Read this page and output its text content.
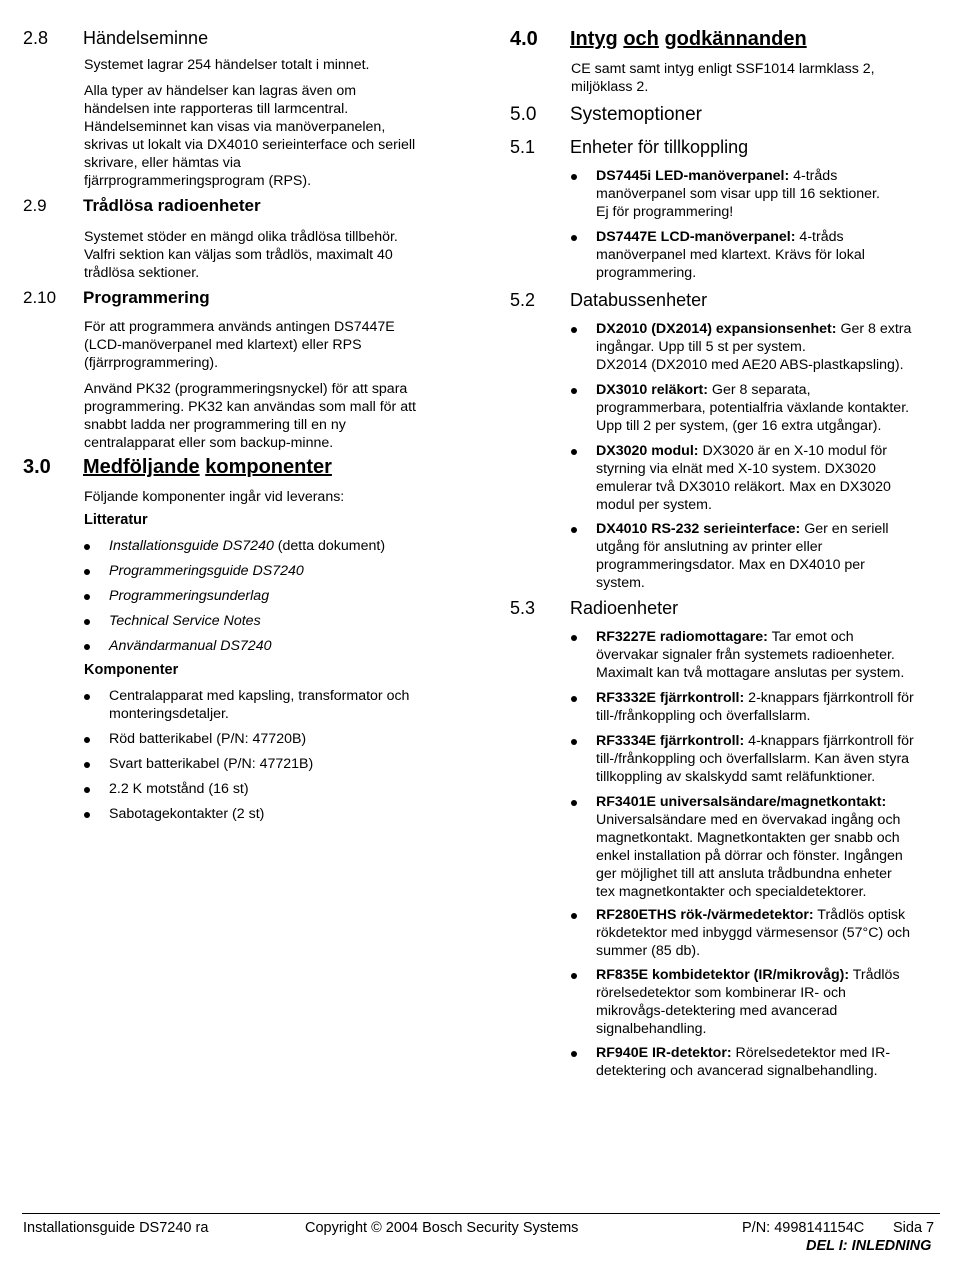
2.8 Händelseminne
Systemet lagrar 254 händelser totalt i minnet.
Alla typer av händelser kan lagras även om
händelsen inte rapporteras till larmcentral.
Händelseminnet kan visas via manöverpanelen,
skrivas ut lokalt via DX4010 serieinterface och seriell
skrivare, eller hämtas via
fjärrprogrammeringsprogram (RPS).
2.9 Trådlösa radioenheter
Systemet stöder en mängd olika trådlösa tillbehör.
Valfri sektion kan väljas som trådlös, maximalt 40
trådlösa sektioner.
2.10 Programmering
För att programmera används antingen DS7447E
(LCD-manöverpanel med klartext) eller RPS
(fjärrprogrammering).
Använd PK32 (programmeringsnyckel) för att spara
programmering. PK32 kan användas som mall för att
snabbt ladda ner programmering till en ny
centralapparat eller som backup-minne.
3.0 Medföljande komponenter
Följande komponenter ingår vid leverans:
Litteratur
Installationsguide DS7240 (detta dokument)
Programmeringsguide DS7240
Programmeringsunderlag
Technical Service Notes
Användarmanual DS7240
Komponenter
Centralapparat med kapsling, transformator och
monteringsdetaljer.
Röd batterikabel (P/N: 47720B)
Svart batterikabel (P/N: 47721B)
2.2 K motstånd (16 st)
Sabotagekontakter (2 st)
4.0 Intyg och godkännanden
CE samt samt intyg enligt SSF1014 larmklass 2,
miljöklass 2.
5.0 Systemoptioner
5.1 Enheter för tillkoppling
DS7445i LED-manöverpanel: 4-tråds
manöverpanel som visar upp till 16 sektioner.
Ej för programmering!
DS7447E LCD-manöverpanel: 4-tråds
manöverpanel med klartext. Krävs för lokal
programmering.
5.2 Databussenheter
DX2010 (DX2014) expansionsenhet: Ger 8 extra
ingångar. Upp till 5 st per system.
DX2014 (DX2010 med AE20 ABS-plastkapsling).
DX3010 reläkort: Ger 8 separata,
programmerbara, potentialfria växlande kontakter.
Upp till 2 per system, (ger 16 extra utgångar).
DX3020 modul: DX3020 är en X-10 modul för
styrning via elnät med X-10 system. DX3020
emulerar två DX3010 reläkort. Max en DX3020
modul per system.
DX4010 RS-232 serieinterface: Ger en seriell
utgång för anslutning av printer eller
programmeringsdator. Max en DX4010 per
system.
5.3 Radioenheter
RF3227E radiomottagare: Tar emot och
övervakar signaler från systemets radioenheter.
Maximalt kan två mottagare anslutas per system.
RF3332E fjärrkontroll: 2-knappars fjärrkontroll för
till-/frånkoppling och överfallslarm.
RF3334E fjärrkontroll: 4-knappars fjärrkontroll för
till-/frånkoppling och överfallslarm. Kan även styra
tillkoppling av skalskydd samt reläfunktioner.
RF3401E universalsändare/magnetkontakt:
Universalsändare med en övervakad ingång och
magnetkontakt. Magnetkontakten ger snabb och
enkel installation på dörrar och fönster. Ingången
ger möjlighet till att ansluta trådbundna enheter
tex magnetkontakter och specialdetektorer.
RF280ETHS rök-/värmedetektor: Trådlös optisk
rökdetektor med inbyggd värmesensor (57°C) och
summer (85 db).
RF835E kombidetektor (IR/mikrovåg): Trådlös
rörelsedetektor som kombinerar IR- och
mikrovågs-detektering med avancerad
signalbehandling.
RF940E IR-detektor: Rörelsedetektor med IR-
detektering och avancerad signalbehandling.
Installationsguide DS7240 ra	Copyright © 2004 Bosch Security Systems	P/N: 4998141154C Sida 7
DEL I: INLEDNING
